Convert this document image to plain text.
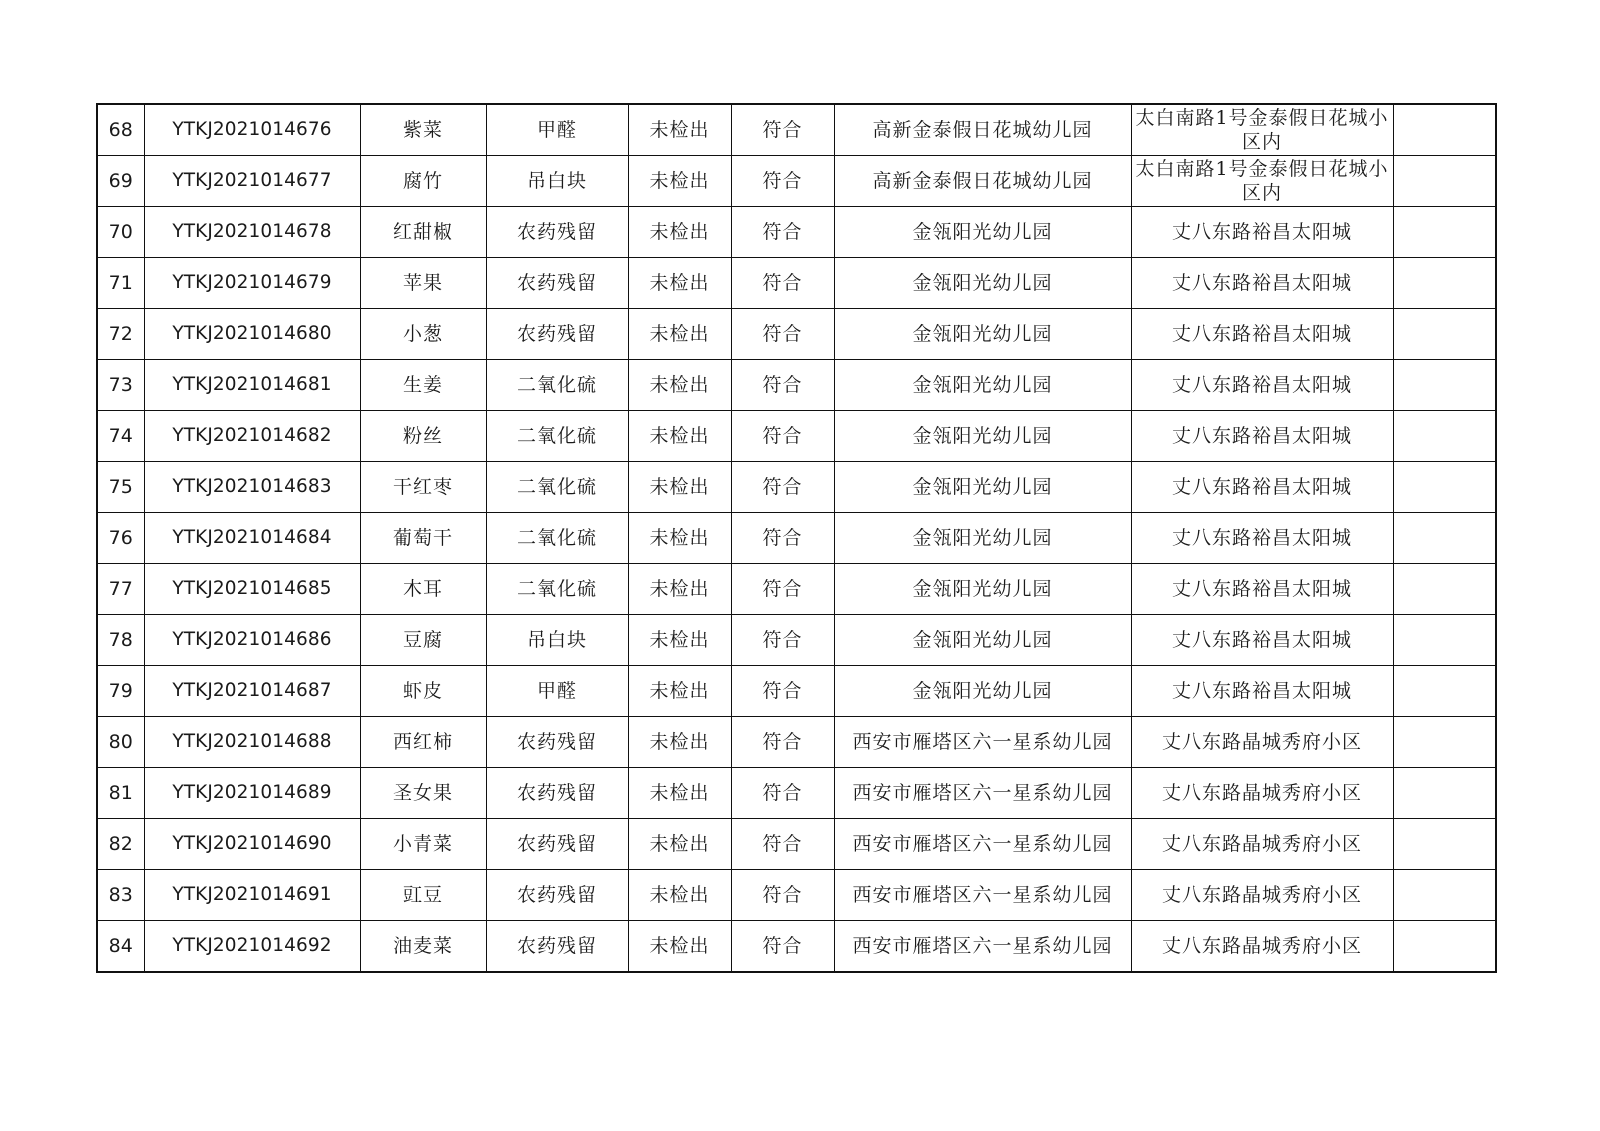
68	YTKJ2021014676	紫菜	甲醛	未检出	符合	高新金泰假日花城幼儿园	太白南路1号金泰假日花城小区内	
69	YTKJ2021014677	腐竹	吊白块	未检出	符合	高新金泰假日花城幼儿园	太白南路1号金泰假日花城小区内	
70	YTKJ2021014678	红甜椒	农药残留	未检出	符合	金瓴阳光幼儿园	丈八东路裕昌太阳城	
71	YTKJ2021014679	苹果	农药残留	未检出	符合	金瓴阳光幼儿园	丈八东路裕昌太阳城	
72	YTKJ2021014680	小葱	农药残留	未检出	符合	金瓴阳光幼儿园	丈八东路裕昌太阳城	
73	YTKJ2021014681	生姜	二氧化硫	未检出	符合	金瓴阳光幼儿园	丈八东路裕昌太阳城	
74	YTKJ2021014682	粉丝	二氧化硫	未检出	符合	金瓴阳光幼儿园	丈八东路裕昌太阳城	
75	YTKJ2021014683	干红枣	二氧化硫	未检出	符合	金瓴阳光幼儿园	丈八东路裕昌太阳城	
76	YTKJ2021014684	葡萄干	二氧化硫	未检出	符合	金瓴阳光幼儿园	丈八东路裕昌太阳城	
77	YTKJ2021014685	木耳	二氧化硫	未检出	符合	金瓴阳光幼儿园	丈八东路裕昌太阳城	
78	YTKJ2021014686	豆腐	吊白块	未检出	符合	金瓴阳光幼儿园	丈八东路裕昌太阳城	
79	YTKJ2021014687	虾皮	甲醛	未检出	符合	金瓴阳光幼儿园	丈八东路裕昌太阳城	
80	YTKJ2021014688	西红柿	农药残留	未检出	符合	西安市雁塔区六一星系幼儿园	丈八东路晶城秀府小区	
81	YTKJ2021014689	圣女果	农药残留	未检出	符合	西安市雁塔区六一星系幼儿园	丈八东路晶城秀府小区	
82	YTKJ2021014690	小青菜	农药残留	未检出	符合	西安市雁塔区六一星系幼儿园	丈八东路晶城秀府小区	
83	YTKJ2021014691	豇豆	农药残留	未检出	符合	西安市雁塔区六一星系幼儿园	丈八东路晶城秀府小区	
84	YTKJ2021014692	油麦菜	农药残留	未检出	符合	西安市雁塔区六一星系幼儿园	丈八东路晶城秀府小区	
